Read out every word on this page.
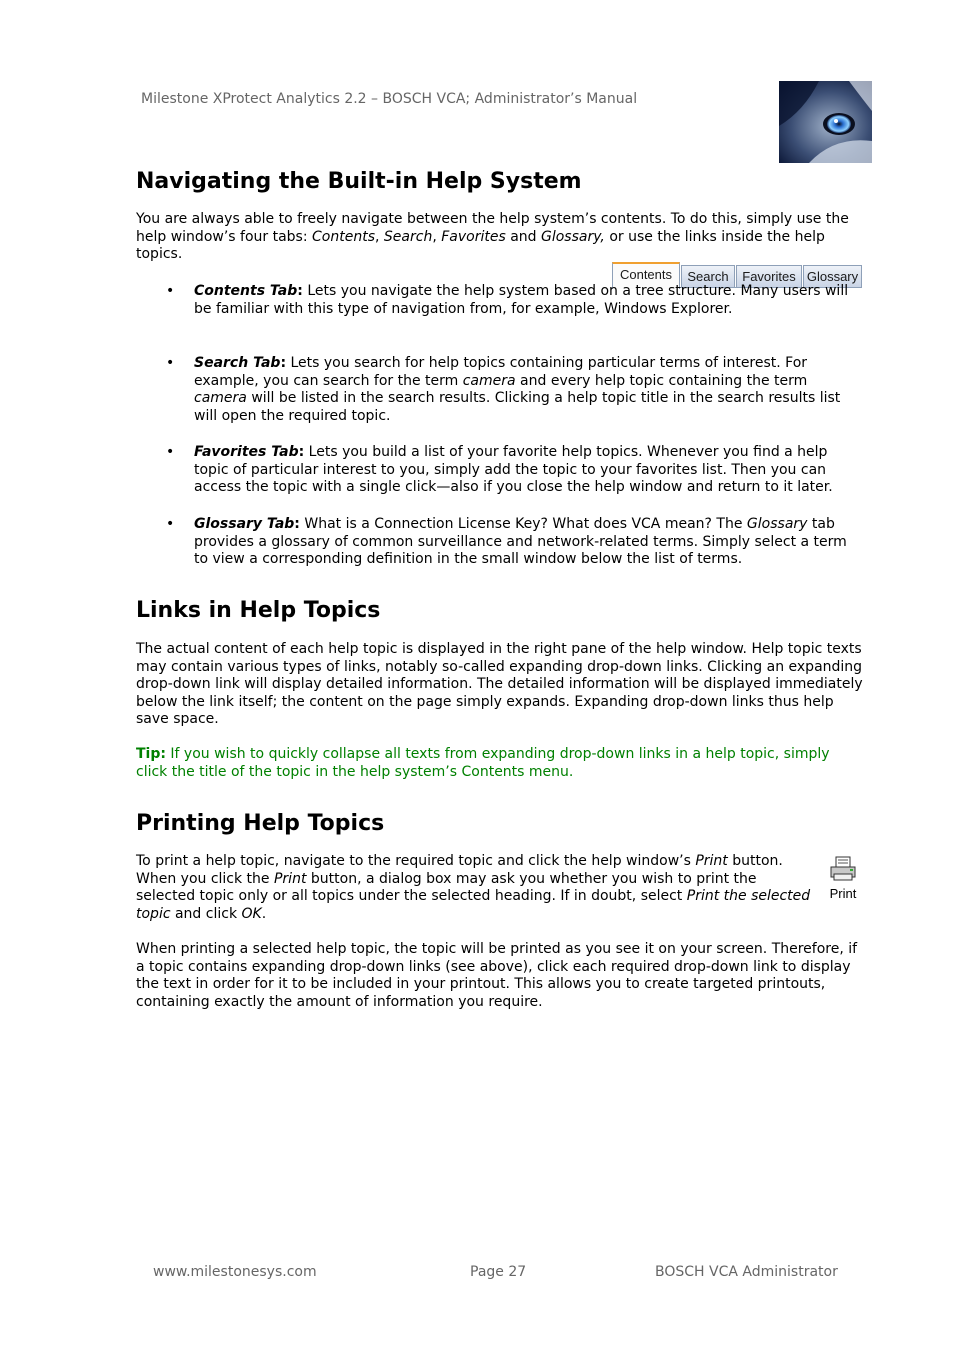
Milestone XProtect Analytics 2.2 – BOSCH VCA; Administrator’s Manual
Navigating the Built-in Help System

You are always able to freely navigate between the help system’s contents. To do this, simply use the help window’s four tabs: Contents, Search, Favorites and Glossary, or use the links inside the help topics.

Contents	Search	Favorites Glossary
• Contents Tab: Lets you navigate the help system based on a tree structure. Many users will be familiar with this type of navigation from, for example, Windows Explorer.
• Search Tab: Lets you search for help topics containing particular terms of interest. For example, you can search for the term camera and every help topic containing the term camera will be listed in the search results. Clicking a help topic title in the search results list will open the required topic.
• Favorites Tab: Lets you build a list of your favorite help topics. Whenever you find a help topic of particular interest to you, simply add the topic to your favorites list. Then you can access the topic with a single click—also if you close the help window and return to it later.
• Glossary Tab: What is a Connection License Key? What does VCA mean? The Glossary tab provides a glossary of common surveillance and network-related terms. Simply select a term to view a corresponding definition in the small window below the list of terms.
Links in Help Topics

The actual content of each help topic is displayed in the right pane of the help window. Help topic texts may contain various types of links, notably so-called expanding drop-down links. Clicking an expanding drop-down link will display detailed information. The detailed information will be displayed immediately below the link itself; the content on the page simply expands. Expanding drop-down links thus help save space.

Tip: If you wish to quickly collapse all texts from expanding drop-down links in a help topic, simply click the title of the topic in the help system’s Contents menu.

Printing Help Topics

To print a help topic, navigate to the required topic and click the help window’s Print button. When you click the Print button, a dialog box may ask you whether you wish to print the selected topic only or all topics under the selected heading. If in doubt, select Print the selected topic and click OK.

Print

When printing a selected help topic, the topic will be printed as you see it on your screen. Therefore, if a topic contains expanding drop-down links (see above), click each required drop-down link to display the text in order for it to be included in your printout. This allows you to create targeted printouts, containing exactly the amount of information you require.

www.milestonesys.com	Page 27	BOSCH VCA Administrator
